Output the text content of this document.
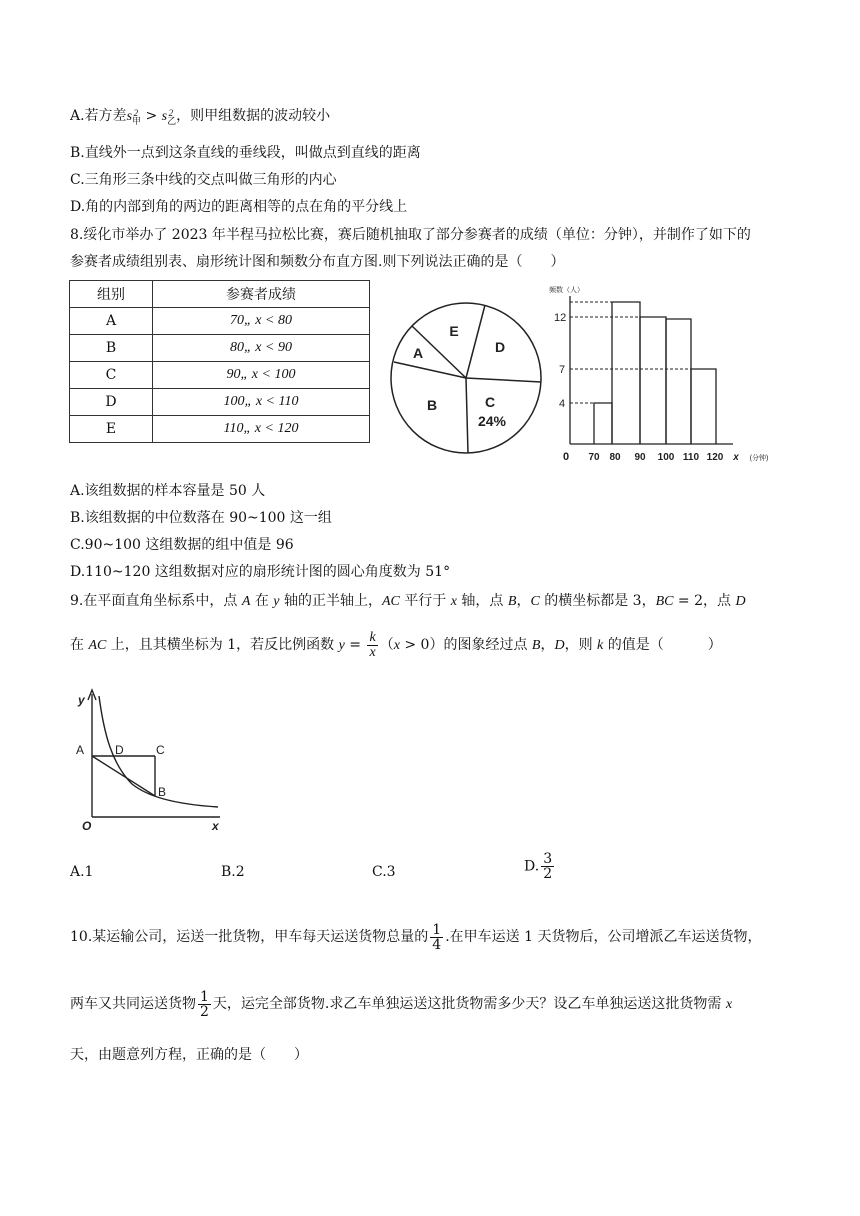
A.若方差s 2
$_甲$ > s 2
$_乙$，则甲组数据的波动较小
B.直线外一点到这条直线的垂线段，叫做点到直线的距离
C.三角形三条中线的交点叫做三角形的内心
D.角的内部到角的两边的距离相等的点在角的平分线上
8.绥化市举办了 2023 年半程马拉松比赛，赛后随机抽取了部分参赛者的成绩（单位：分钟），并制作了如下的
参赛者成绩组别表、扇形统计图和频数分布直方图.则下列说法正确的是（　　）
组别	参赛者成绩
A	70„ x < 80
B	80„ x < 90
C	90„ x < 100
D	100„ x < 110
E	110„ x < 120
E
D
A
B	C
24%
频数（人）
12
7
4
0 70 80 90 100 110 120 x (分钟)
A.该组数据的样本容量是 50 人
B.该组数据的中位数落在 90~100 这一组
C.90~100 这组数据的组中值是 96
D.110~120 这组数据对应的扇形统计图的圆心角度数为 51°
9.在平面直角坐标系中，点 A 在 y 轴的正半轴上，AC 平行于 x 轴，点 B，C 的横坐标都是 3，BC = 2，点 D
在 AC 上，且其横坐标为 1，若反比例函数 $y = \frac{k}{x} (x > 0)$的图象经过点 B，D，则 k 的值是（	）
y
A	D	C
B
O	x
A.1	B.2	C.3	D. $\frac{3}{2}$
10.某运输公司，运送一批货物，甲车每天运送货物总量的 $\frac{1}{4}$ .在甲车运送 1 天货物后，公司增派乙车运送货物，
两车又共同运送货物 $\frac{1}{2}$ 天，运完全部货物.求乙车单独运送这批货物需多少天？设乙车单独运送这批货物需 x
天，由题意列方程，正确的是（　　）
